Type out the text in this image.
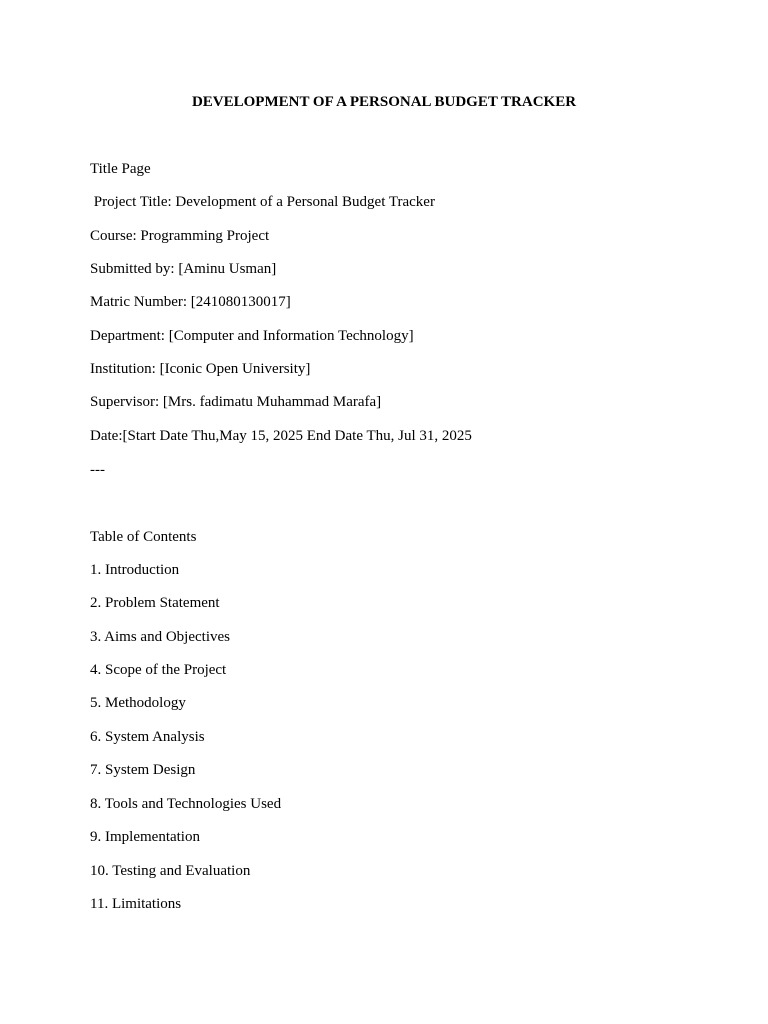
DEVELOPMENT OF A PERSONAL BUDGET TRACKER
Title Page
Project Title: Development of a Personal Budget Tracker
Course: Programming Project
Submitted by: [Aminu Usman]
Matric Number: [241080130017]
Department: [Computer and Information Technology]
Institution: [Iconic Open University]
Supervisor: [Mrs. fadimatu Muhammad Marafa]
Date:[Start Date Thu,May 15, 2025 End Date Thu, Jul 31, 2025
---
Table of Contents
1. Introduction
2. Problem Statement
3. Aims and Objectives
4. Scope of the Project
5. Methodology
6. System Analysis
7. System Design
8. Tools and Technologies Used
9. Implementation
10. Testing and Evaluation
11. Limitations
